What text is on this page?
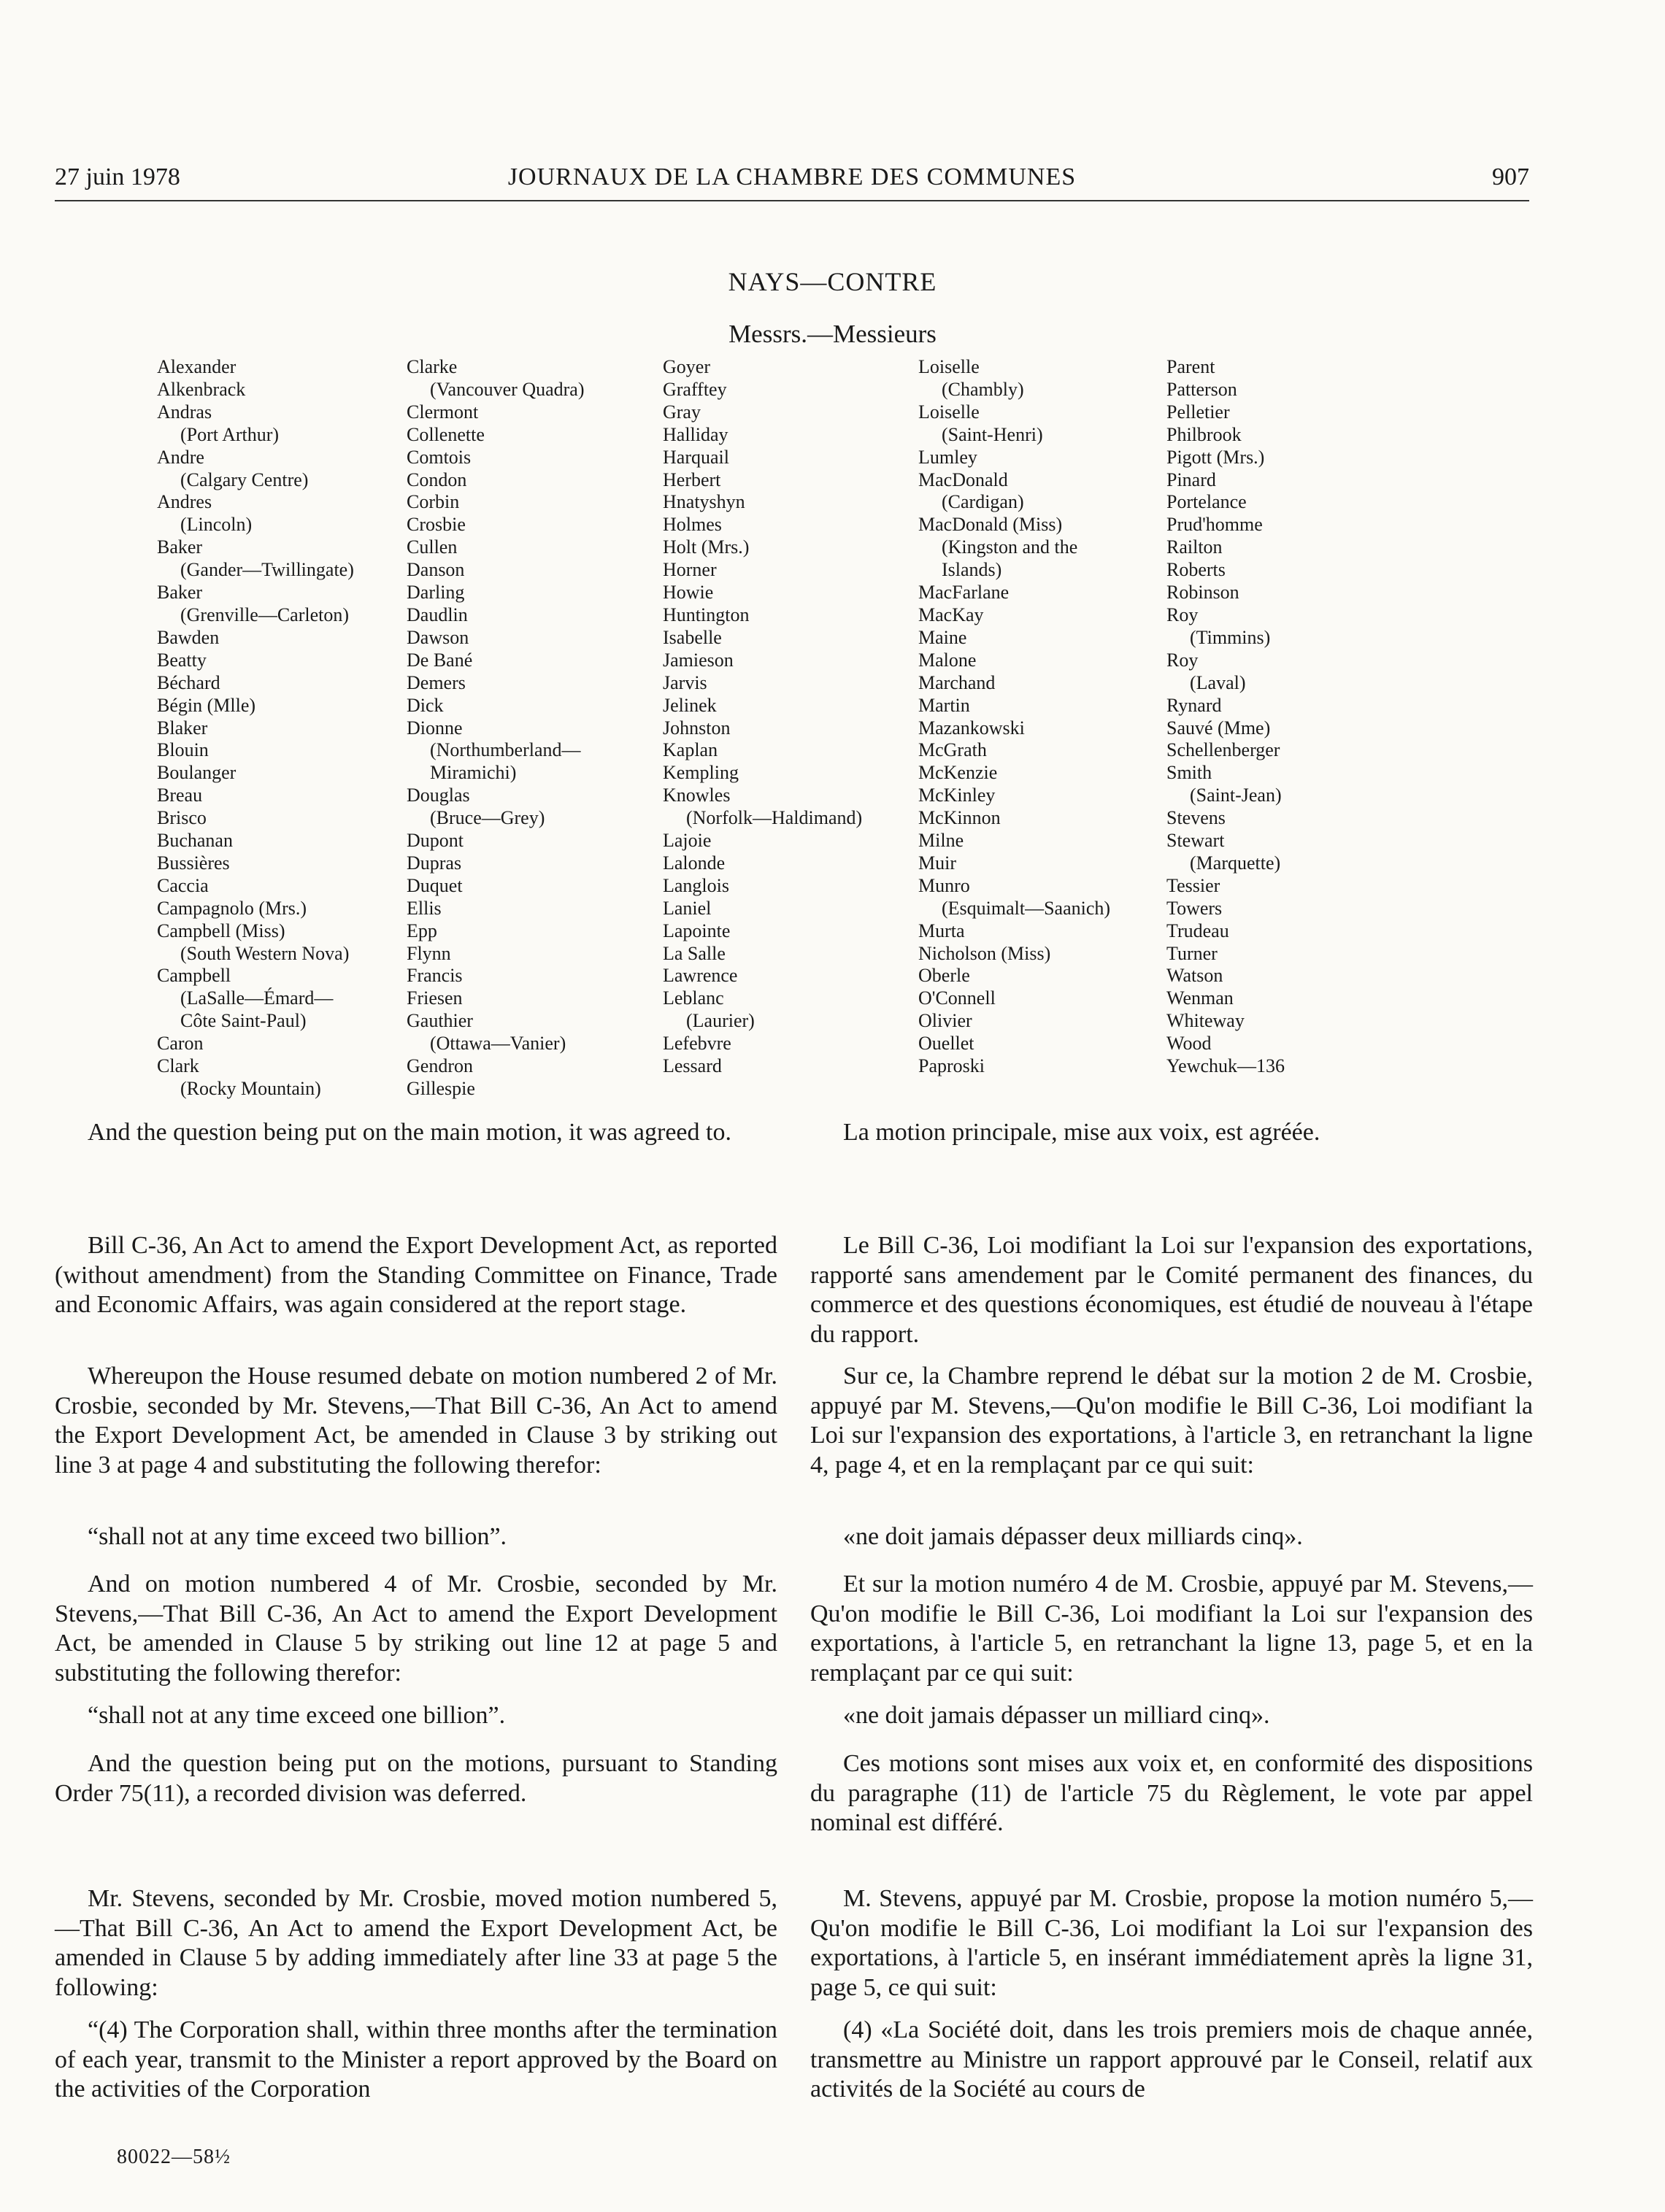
27 juin 1978	JOURNAUX DE LA CHAMBRE DES COMMUNES	907
NAYS—CONTRE
Messrs.—Messieurs
Alexander
Alkenbrack
Andras
(Port Arthur)
Andre
(Calgary Centre)
Andres
(Lincoln)
Baker
(Gander—Twillingate)
Baker
(Grenville—Carleton)
Bawden
Beatty
Béchard
Bégin (Mlle)
Blaker
Blouin
Boulanger
Breau
Brisco
Buchanan
Bussières
Caccia
Campagnolo (Mrs.)
Campbell (Miss)
(South Western Nova)
Campbell
(LaSalle—Émard—
Côte Saint-Paul)
Caron
Clark
(Rocky Mountain)
Clarke
(Vancouver Quadra)
Clermont
Collenette
Comtois
Condon
Corbin
Crosbie
Cullen
Danson
Darling
Daudlin
Dawson
De Bané
Demers
Dick
Dionne
(Northumberland—
Miramichi)
Douglas
(Bruce—Grey)
Dupont
Dupras
Duquet
Ellis
Epp
Flynn
Francis
Friesen
Gauthier
(Ottawa—Vanier)
Gendron
Gillespie
Goyer
Grafftey
Gray
Halliday
Harquail
Herbert
Hnatyshyn
Holmes
Holt (Mrs.)
Horner
Howie
Huntington
Isabelle
Jamieson
Jarvis
Jelinek
Johnston
Kaplan
Kempling
Knowles
(Norfolk—Haldimand)
Lajoie
Lalonde
Langlois
Laniel
Lapointe
La Salle
Lawrence
Leblanc
(Laurier)
Lefebvre
Lessard
Loiselle
(Chambly)
Loiselle
(Saint-Henri)
Lumley
MacDonald
(Cardigan)
MacDonald (Miss)
(Kingston and the
Islands)
MacFarlane
MacKay
Maine
Malone
Marchand
Martin
Mazankowski
McGrath
McKenzie
McKinley
McKinnon
Milne
Muir
Munro
(Esquimalt—Saanich)
Murta
Nicholson (Miss)
Oberle
O'Connell
Olivier
Ouellet
Paproski
Parent
Patterson
Pelletier
Philbrook
Pigott (Mrs.)
Pinard
Portelance
Prud'homme
Railton
Roberts
Robinson
Roy
(Timmins)
Roy
(Laval)
Rynard
Sauvé (Mme)
Schellenberger
Smith
(Saint-Jean)
Stevens
Stewart
(Marquette)
Tessier
Towers
Trudeau
Turner
Watson
Wenman
Whiteway
Wood
Yewchuk—136

And the question being put on the main motion, it was agreed to.

Bill C-36, An Act to amend the Export Development Act, as reported (without amendment) from the Standing Committee on Finance, Trade and Economic Affairs, was again considered at the report stage.

Whereupon the House resumed debate on motion numbered 2 of Mr. Crosbie, seconded by Mr. Stevens,—That Bill C-36, An Act to amend the Export Development Act, be amended in Clause 3 by striking out line 3 at page 4 and substituting the following therefor:

“shall not at any time exceed two billion”.

And on motion numbered 4 of Mr. Crosbie, seconded by Mr. Stevens,—That Bill C-36, An Act to amend the Export Development Act, be amended in Clause 5 by striking out line 12 at page 5 and substituting the following therefor:

“shall not at any time exceed one billion”.

And the question being put on the motions, pursuant to Standing Order 75(11), a recorded division was deferred.

Mr. Stevens, seconded by Mr. Crosbie, moved motion numbered 5,—That Bill C-36, An Act to amend the Export Development Act, be amended in Clause 5 by adding immediately after line 33 at page 5 the following:

“(4) The Corporation shall, within three months after the termination of each year, transmit to the Minister a report approved by the Board on the activities of the Corporation

La motion principale, mise aux voix, est agréée.

Le Bill C-36, Loi modifiant la Loi sur l'expansion des exportations, rapporté sans amendement par le Comité permanent des finances, du commerce et des questions économiques, est étudié de nouveau à l'étape du rapport.

Sur ce, la Chambre reprend le débat sur la motion 2 de M. Crosbie, appuyé par M. Stevens,—Qu'on modifie le Bill C-36, Loi modifiant la Loi sur l'expansion des exportations, à l'article 3, en retranchant la ligne 4, page 4, et en la remplaçant par ce qui suit:

«ne doit jamais dépasser deux milliards cinq».

Et sur la motion numéro 4 de M. Crosbie, appuyé par M. Stevens,—Qu'on modifie le Bill C-36, Loi modifiant la Loi sur l'expansion des exportations, à l'article 5, en retranchant la ligne 13, page 5, et en la remplaçant par ce qui suit:

«ne doit jamais dépasser un milliard cinq».

Ces motions sont mises aux voix et, en conformité des dispositions du paragraphe (11) de l'article 75 du Règlement, le vote par appel nominal est différé.

M. Stevens, appuyé par M. Crosbie, propose la motion numéro 5,—Qu'on modifie le Bill C-36, Loi modifiant la Loi sur l'expansion des exportations, à l'article 5, en insérant immédiatement après la ligne 31, page 5, ce qui suit:

(4) «La Société doit, dans les trois premiers mois de chaque année, transmettre au Ministre un rapport approuvé par le Conseil, relatif aux activités de la Société au cours de

80022—58½
